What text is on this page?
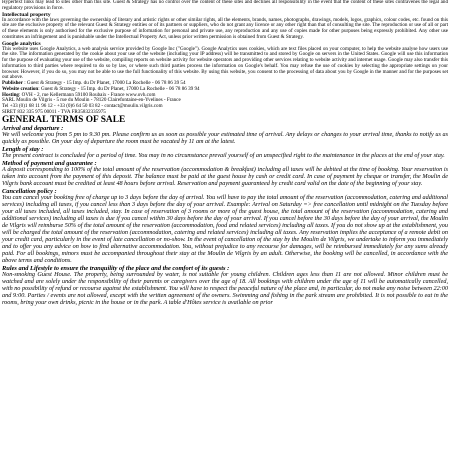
Hypertext links may lead to sites other than this site. Guest & Strategy has no control over the content of these sites and declines all responsibility in the event that the content of these sites contravenes the legal and regulatory provisions in force.

Intellectual property

In accordance with the laws governing the ownership of literary and artistic rights or other similar rights, all the elements, brands, names, photographs, drawings, models, logos, graphics, colour codes, etc. found on this site are the exclusive property of the relevant Guest & Strategy entities or of its partners or suppliers, who do not grant any licence or any other right than that of consulting the site. The reproduction or use of all or part of these elements is only authorised for the exclusive purpose of information for personal and private use, any reproduction and any use of copies made for other purposes being expressly prohibited. Any other use constitutes an infringement and is punishable under the Intellectual Property Act, unless prior written permission is obtained from Guest & Strategy.

Google analytics

This website uses Google Analytics, a web analysis service provided by Google Inc ("Google"). Google Analytics uses cookies, which are text files placed on your computer, to help the website analyse how users use the site. The information generated by the cookie about your use of the website (including your IP address) will be transmitted to and stored by Google on servers in the United States. Google will use this information for the purpose of evaluating your use of the website, compiling reports on website activity for website operators and providing other services relating to website activity and internet usage. Google may also transfer this information to third parties where required to do so by law, or where such third parties process the information on Google's behalf. You may refuse the use of cookies by selecting the appropriate settings on your browser. However, if you do so, you may not be able to use the full functionality of this website. By using this website, you consent to the processing of data about you by Google in the manner and for the purposes set out above.

Publisher : Guest & Strategy - 15 Imp. du Dr Planet, 17000 La Rochelle - 06 78 86 39 54

Website creation: Guest & Strategy - 15 Imp. du Dr Planet, 17000 La Rochelle - 06 78 86 39 94

Hosting: OVH - 2, rue Kellermann 59100 Roubaix - France www.ovh.com

SARL Moulin de Vilgris - 5 rue du Moulin - 78120 Clairefontaine-en-Yvelines - France

Tel +33 (0)1 68 11 96 12 - +33 (0)6 64 50 03 82 - contact@moulin.vilgris.com

SIRET 832 335 975 00011 - TVA FR35832335975

GENERAL TERMS OF SALE

Arrival and departure :

We will welcome you from 5 pm to 9.30 pm. Please confirm us as soon as possible your estimated time of arrival. Any delays or changes to your arrival time, thanks to notify us as quickly as possible. On your day of departure the room must be vacated by 11 am at the latest.

Length of stay :

The present contract is concluded for a period of time. You may in no circumstance prevail yourself of an unspecified right to the maintenance in the places at the end of your stay.

Method of payment and guarantee :

A deposit corresponding to 100% of the total amount of the reservation (accommodation & breakfast) including all taxes will be debited at the time of booking. Your reservation is taken into account from the payment of this deposit. The balance must be paid at the guest house by cash or credit card. In case of payment by cheque or transfer, the Moulin de Vilgris bank account must be credited at least 48 hours before arrival. Reservation and payment guaranteed by credit card valid on the date of the beginning of your stay.

Cancellation policy :

You can cancel your booking free of charge up to 3 days before the day of arrival. You will have to pay the total amount of the reservation (accommodation, catering and additional services) including all taxes, if you cancel less than 3 days before the day of your arrival. Example: Arrival on Saturday => free cancellation until midnight on the Tuesday before your all taxes included, all taxes included, stay. In case of reservation of 3 rooms or more of the guest house, the total amount of the reservation (accommodation, catering and additional services) including all taxes is due if you cancel within 30 days before the day of your arrival. If you cancel before the 30 days before the day of your arrival, the Moulin de Vilgris will reimburse 50% of the total amount of the reservation (accommodation, food and related services) including all taxes. If you do not show up at the establishment, you will be charged the total amount of the reservation (accommodation, catering and related services) including all taxes. Any reservation implies the acceptance of a remote debit on your credit card, particularly in the event of late cancellation or no-show. In the event of cancellation of the stay by the Moulin de Vilgris, we undertake to inform you immediately and to offer you any advice on how to find alternative accommodation. You, without prejudice to any recourse for damages, will be reimbursed immediately for any sums already paid. For all bookings, minors must be accompanied throughout their stay at the Moulin de Vilgris by an adult. Otherwise, the booking will be cancelled, in accordance with the above terms and conditions.

Rules and Lifestyle to ensure the tranquility of the place and the comfort of its guests :

Non-smoking Guest House. The property, being surrounded by water, is not suitable for young children. Children ages less than 11 are not allowed. Minor children must be watched and are solely under the responsibility of their parents or caregivers over the age of 18. All bookings with children under the age of 11 will be automatically cancelled, with no possibility of refund or recourse against the establishment. You will have to respect the peaceful nature of the place and, in particular, do not make any noise between 22:00 and 9:00. Parties / events are not allowed, except with the written agreement of the owners. Swimming and fishing in the park stream are prohibited. It is not possible to eat in the rooms, bring your own drinks, picnic in the house or in the park. A table d'Hôtes service is available on prior
